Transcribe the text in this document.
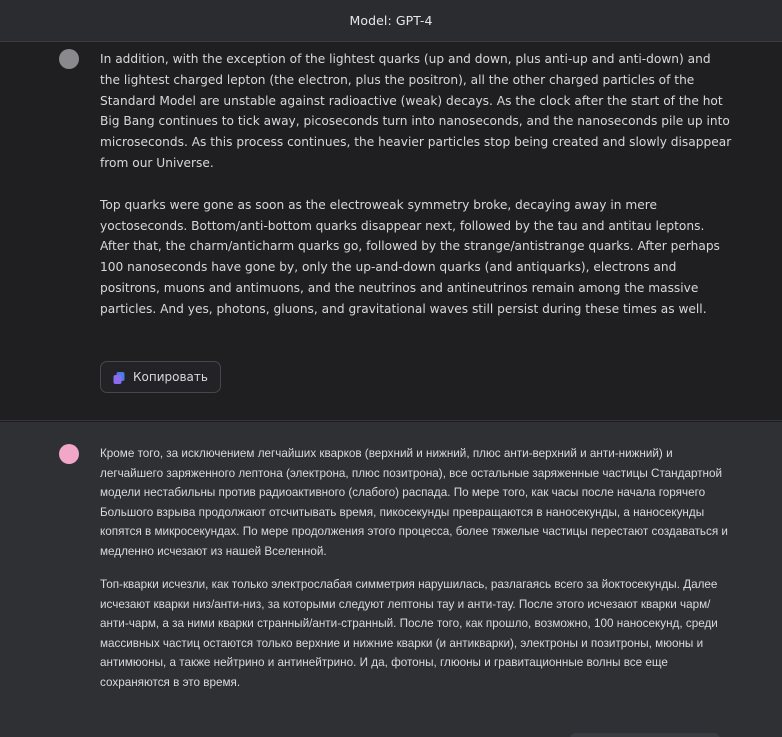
Model: GPT-4

In addition, with the exception of the lightest quarks (up and down, plus anti-up and anti-down) and the lightest charged lepton (the electron, plus the positron), all the other charged particles of the Standard Model are unstable against radioactive (weak) decays. As the clock after the start of the hot Big Bang continues to tick away, picoseconds turn into nanoseconds, and the nanoseconds pile up into microseconds. As this process continues, the heavier particles stop being created and slowly disappear from our Universe.

Top quarks were gone as soon as the electroweak symmetry broke, decaying away in mere yoctoseconds. Bottom/anti-bottom quarks disappear next, followed by the tau and antitau leptons. After that, the charm/anticharm quarks go, followed by the strange/antistrange quarks. After perhaps 100 nanoseconds have gone by, only the up-and-down quarks (and antiquarks), electrons and positrons, muons and antimuons, and the neutrinos and antineutrinos remain among the massive particles. And yes, photons, gluons, and gravitational waves still persist during these times as well.

Копировать

Кроме того, за исключением легчайших кварков (верхний и нижний, плюс анти-верхний и анти-нижний) и легчайшего заряженного лептона (электрона, плюс позитрона), все остальные заряженные частицы Стандартной модели нестабильны против радиоактивного (слабого) распада. По мере того, как часы после начала горячего Большого взрыва продолжают отсчитывать время, пикосекунды превращаются в наносекунды, а наносекунды копятся в микросекундах. По мере продолжения этого процесса, более тяжелые частицы перестают создаваться и медленно исчезают из нашей Вселенной.

Топ-кварки исчезли, как только электрослабая симметрия нарушилась, разлагаясь всего за йоктосекунды. Далее исчезают кварки низ/анти-низ, за которыми следуют лептоны тау и анти-тау. После этого исчезают кварки чарм/анти-чарм, а за ними кварки странный/анти-странный. После того, как прошло, возможно, 100 наносекунд, среди массивных частиц остаются только верхние и нижние кварки (и антикварки), электроны и позитроны, мюоны и антимюоны, а также нейтрино и антинейтрино. И да, фотоны, глюоны и гравитационные волны все еще сохраняются в это время.
